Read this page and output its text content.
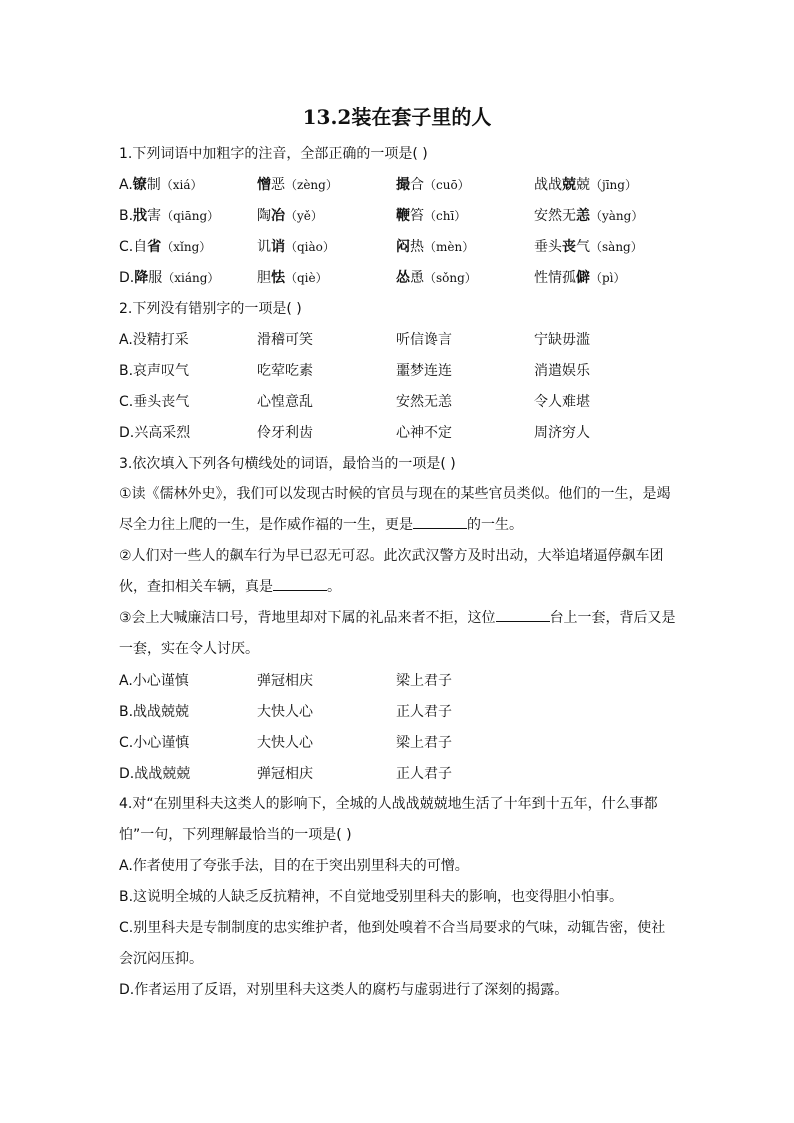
13.2装在套子里的人
1.下列词语中加粗字的注音，全部正确的一项是( )
A.镣制（xiá）	憎恶（zèng）	撮合（cuō）	战战兢兢（jīng）
B.戕害（qiāng）	陶冶（yě）	鞭笞（chī）	安然无恙（yàng）
C.自省（xǐng）	讥诮（qiào）	闷热（mèn）	垂头丧气（sàng）
D.降服（xiáng）	胆怯（qiè）	怂恿（sǒng）	性情孤僻（pì）
2.下列没有错别字的一项是( )
A.没精打采	滑稽可笑	听信谗言	宁缺毋滥
B.哀声叹气	吃荤吃素	噩梦连连	消遣娱乐
C.垂头丧气	心惶意乱	安然无恙	令人难堪
D.兴高采烈	伶牙利齿	心神不定	周济穷人
3.依次填入下列各句横线处的词语，最恰当的一项是( )
①读《儒林外史》，我们可以发现古时候的官员与现在的某些官员类似。他们的一生，是竭尽全力往上爬的一生，是作威作福的一生，更是	的一生。
②人们对一些人的飙车行为早已忍无可忍。此次武汉警方及时出动，大举追堵逼停飙车团伙，查扣相关车辆，真是	。
③会上大喊廉洁口号，背地里却对下属的礼品来者不拒，这位	台上一套，背后又是一套，实在令人讨厌。
A.小心谨慎	弹冠相庆	梁上君子
B.战战兢兢	大快人心	正人君子
C.小心谨慎	大快人心	梁上君子
D.战战兢兢	弹冠相庆	正人君子
4.对“在别里科夫这类人的影响下，全城的人战战兢兢地生活了十年到十五年，什么事都怕”一句，下列理解最恰当的一项是( )
A.作者使用了夸张手法，目的在于突出别里科夫的可憎。
B.这说明全城的人缺乏反抗精神，不自觉地受别里科夫的影响，也变得胆小怕事。
C.别里科夫是专制制度的忠实维护者，他到处嗅着不合当局要求的气味，动辄告密，使社会沉闷压抑。
D.作者运用了反语，对别里科夫这类人的腐朽与虚弱进行了深刻的揭露。
